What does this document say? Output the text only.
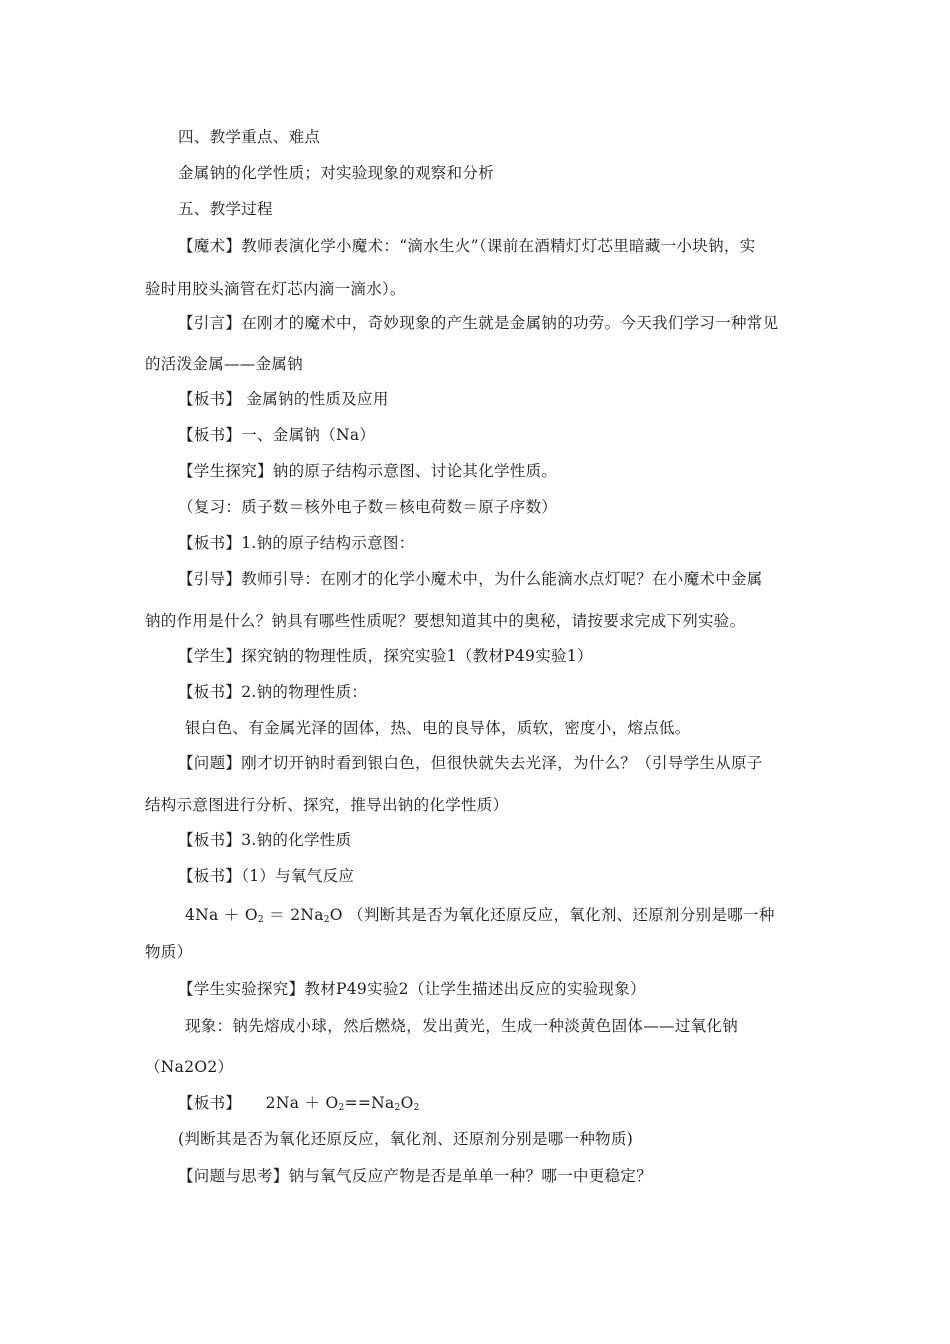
四、教学重点、难点
金属钠的化学性质；对实验现象的观察和分析
五、教学过程
【魔术】教师表演化学小魔术：“滴水生火”（课前在酒精灯灯芯里暗藏一小块钠，实
验时用胶头滴管在灯芯内滴一滴水）。
【引言】在刚才的魔术中，奇妙现象的产生就是金属钠的功劳。今天我们学习一种常见
的活泼金属——金属钠
【板书】 金属钠的性质及应用
【板书】一、金属钠（Na）
【学生探究】钠的原子结构示意图、讨论其化学性质。
（复习：质子数＝核外电子数＝核电荷数＝原子序数）
【板书】1.钠的原子结构示意图：
【引导】教师引导：在刚才的化学小魔术中，为什么能滴水点灯呢？在小魔术中金属
钠的作用是什么？钠具有哪些性质呢？要想知道其中的奥秘，请按要求完成下列实验。
【学生】探究钠的物理性质，探究实验1（教材P49实验1）
【板书】2.钠的物理性质：
银白色、有金属光泽的固体，热、电的良导体，质软，密度小，熔点低。
【问题】刚才切开钠时看到银白色，但很快就失去光泽，为什么？（引导学生从原子
结构示意图进行分析、探究，推导出钠的化学性质）
【板书】3.钠的化学性质
【板书】（1）与氧气反应
$4Na + O_2 = 2Na_2O$ （判断其是否为氧化还原反应，氧化剂、还原剂分别是哪一种
物质）
【学生实验探究】教材P49实验2（让学生描述出反应的实验现象）
现象：钠先熔成小球，然后燃烧，发出黄光，生成一种淡黄色固体——过氧化钠
（Na2O2）
【板书】 $2Na + O_2==Na_2O_2$
(判断其是否为氧化还原反应，氧化剂、还原剂分别是哪一种物质)
【问题与思考】钠与氧气反应产物是否是单单一种？哪一中更稳定？
